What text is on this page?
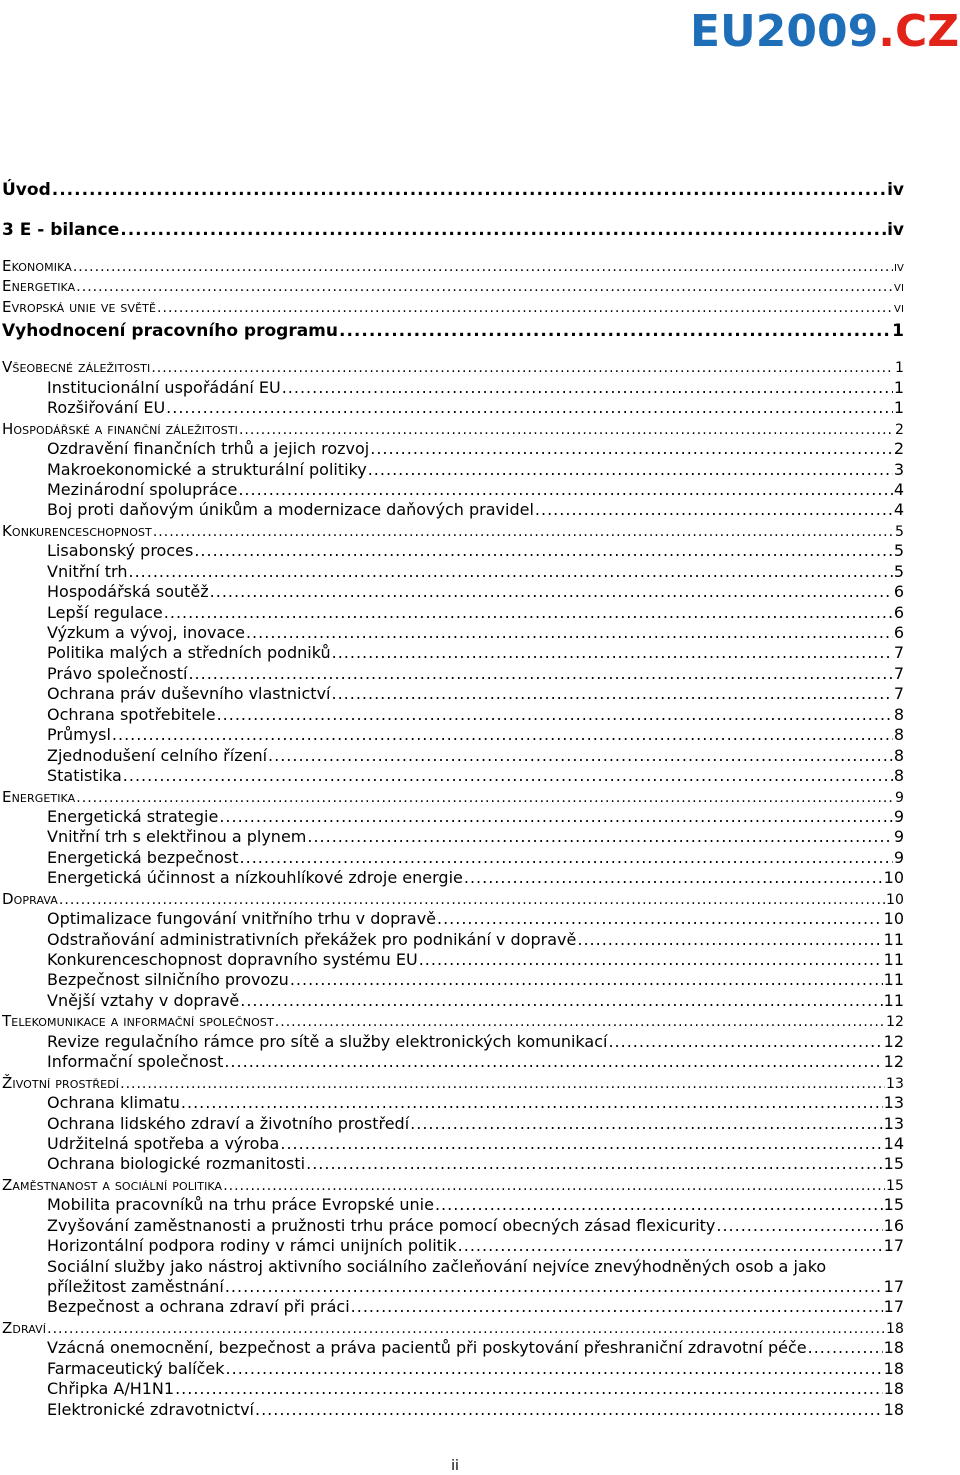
EU2009.CZ
Úvod .....	iv
3 E - bilance .....	iv
Ekonomika .....	iv
Energetika .....	vi
Evropská unie ve světě .....	vi
Vyhodnocení pracovního programu .....	1
Všeobecné záležitosti .....	1
Institucionální uspořádání EU .....	1
Rozšiřování EU .....	1
Hospodářské a finanční záležitosti .....	2
Ozdravění finančních trhů a jejich rozvoj .....	2
Makroekonomické a strukturální politiky .....	3
Mezinárodní spolupráce .....	4
Boj proti daňovým únikům a modernizace daňových pravidel .....	4
Konkurenceschopnost .....	5
Lisabonský proces .....	5
Vnitřní trh .....	5
Hospodářská soutěž .....	6
Lepší regulace .....	6
Výzkum a vývoj, inovace .....	6
Politika malých a středních podniků .....	7
Právo společností .....	7
Ochrana práv duševního vlastnictví .....	7
Ochrana spotřebitele .....	8
Průmysl .....	8
Zjednodušení celního řízení .....	8
Statistika .....	8
Energetika .....	9
Energetická strategie .....	9
Vnitřní trh s elektřinou a plynem .....	9
Energetická bezpečnost .....	9
Energetická účinnost a nízkouhlíkové zdroje energie .....	10
Doprava .....	10
Optimalizace fungování vnitřního trhu v dopravě .....	10
Odstraňování administrativních překážek pro podnikání v dopravě .....	11
Konkurenceschopnost dopravního systému EU .....	11
Bezpečnost silničního provozu .....	11
Vnější vztahy v dopravě .....	11
Telekomunikace a informační společnost .....	12
Revize regulačního rámce pro sítě a služby elektronických komunikací .....	12
Informační společnost .....	12
Životní prostředí .....	13
Ochrana klimatu .....	13
Ochrana lidského zdraví a životního prostředí .....	13
Udržitelná spotřeba a výroba .....	14
Ochrana biologické rozmanitosti .....	15
Zaměstnanost a sociální politika .....	15
Mobilita pracovníků na trhu práce Evropské unie .....	15
Zvyšování zaměstnanosti a pružnosti trhu práce pomocí obecných zásad flexicurity .....	16
Horizontální podpora rodiny v rámci unijních politik .....	17
Sociální služby jako nástroj aktivního sociálního začleňování nejvíce znevýhodněných osob a jako
příležitost zaměstnání .....	17
Bezpečnost a ochrana zdraví při práci .....	17
Zdraví .....	18
Vzácná onemocnění, bezpečnost a práva pacientů při poskytování přeshraniční zdravotní péče .....	18
Farmaceutický balíček .....	18
Chřipka A/H1N1 .....	18
Elektronické zdravotnictví .....	18
ii
